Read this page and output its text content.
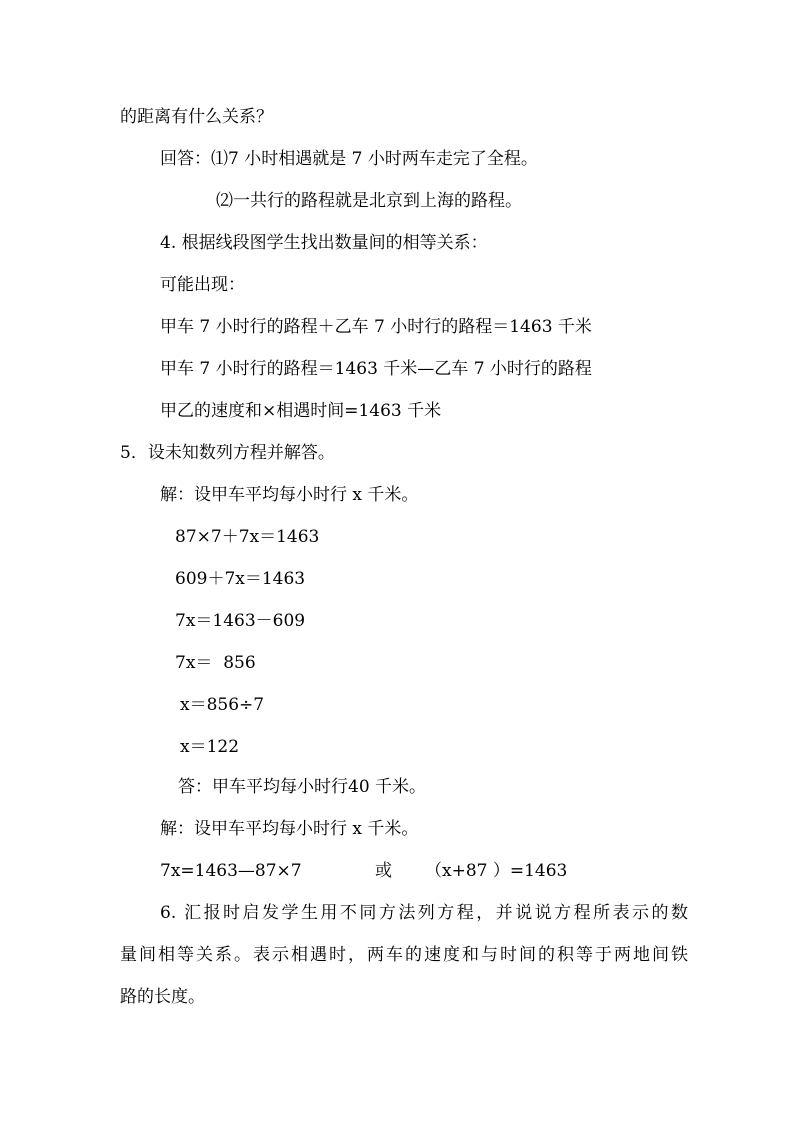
的距离有什么关系？
回答：⑴7 小时相遇就是 7 小时两车走完了全程。
⑵一共行的路程就是北京到上海的路程。
4. 根据线段图学生找出数量间的相等关系：
可能出现：
甲车 7 小时行的路程＋乙车 7 小时行的路程＝1463 千米
甲车 7 小时行的路程＝1463 千米—乙车 7 小时行的路程
甲乙的速度和×相遇时间=1463 千米
5．设未知数列方程并解答。
解：设甲车平均每小时行 x 千米。
87×7＋7x＝1463
609＋7x＝1463
7x＝1463－609
7x＝  856
x＝856÷7
x＝122
答：甲车平均每小时行40 千米。
解：设甲车平均每小时行 x 千米。
7x=1463—87×7	或 （x+87 ）=1463
6. 汇报时启发学生用不同方法列方程，并说说方程所表示的数
量间相等关系。表示相遇时，两车的速度和与时间的积等于两地间铁
路的长度。
